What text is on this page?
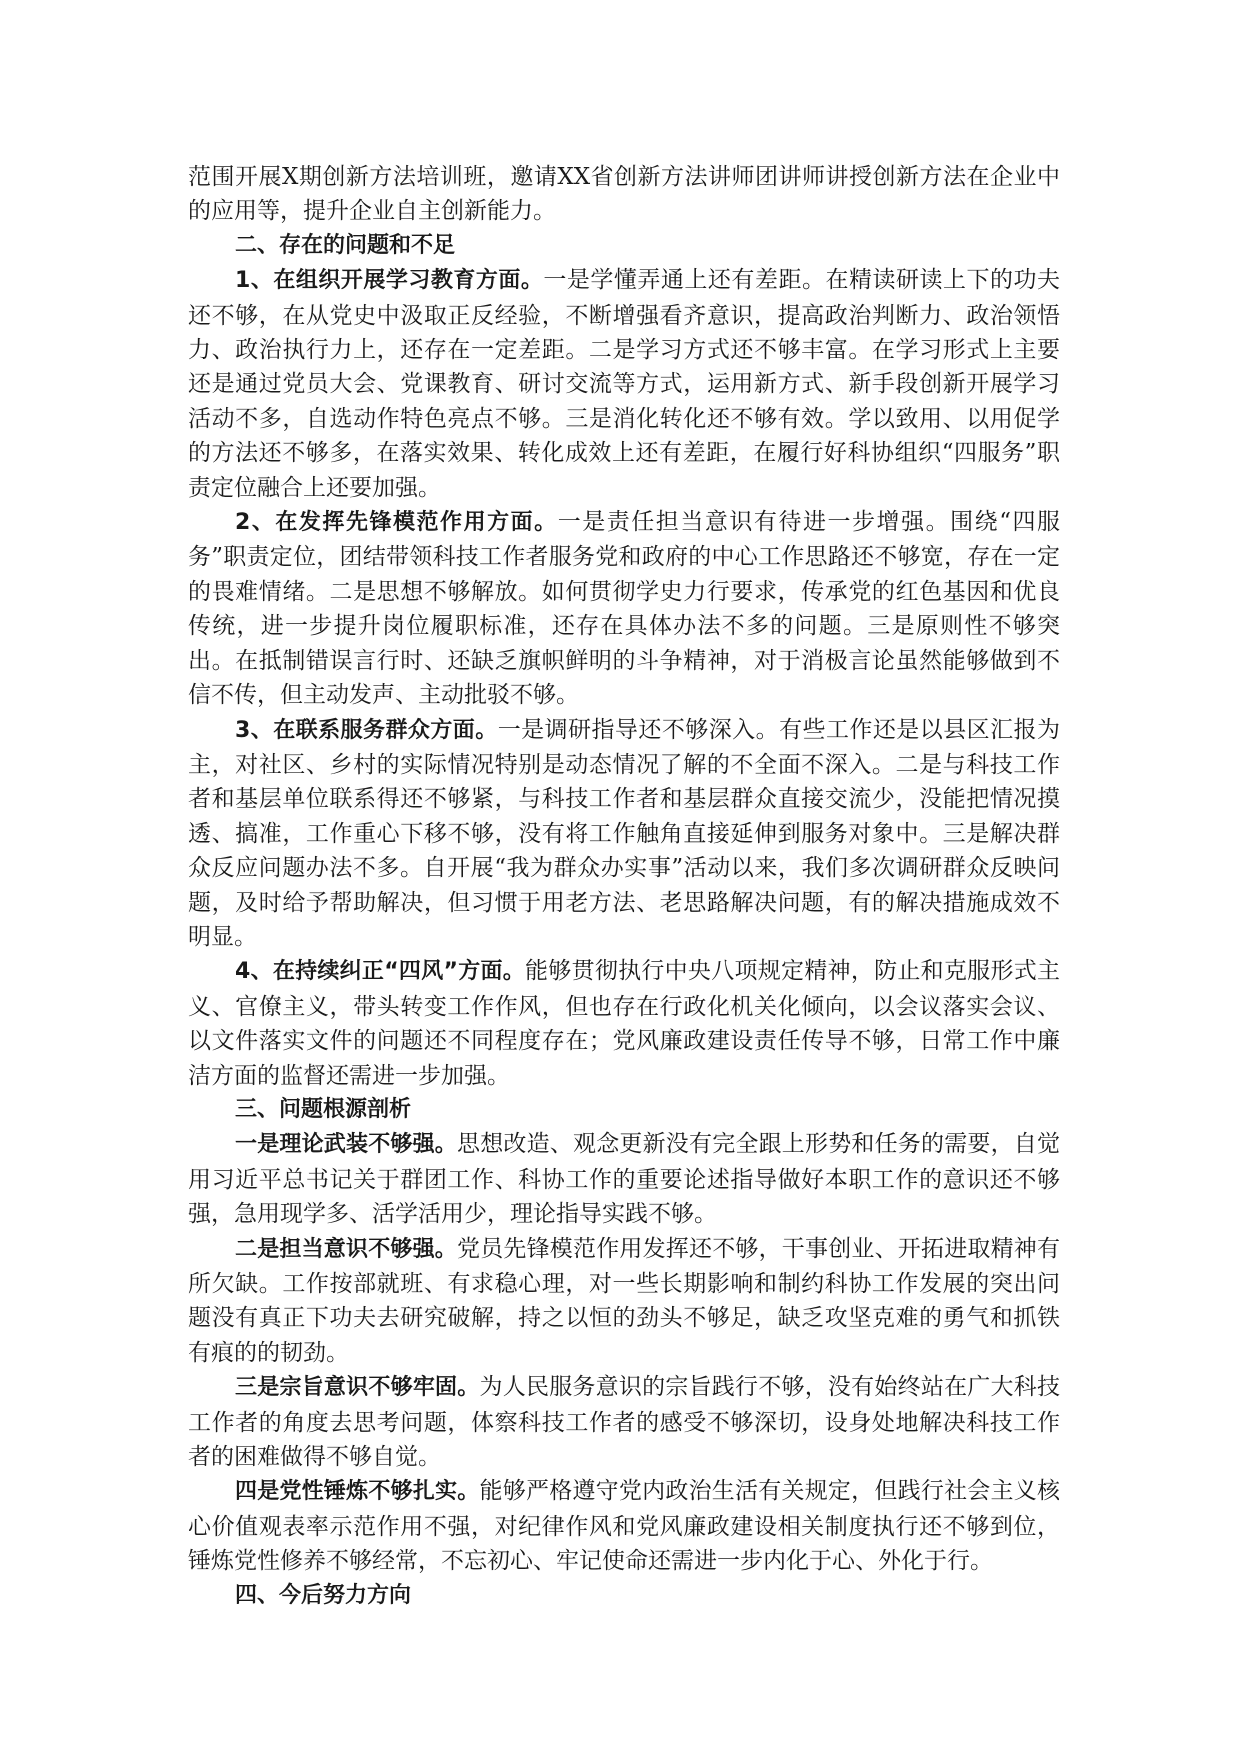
范围开展X期创新方法培训班，邀请XX省创新方法讲师团讲师讲授创新方法在企业中的应用等，提升企业自主创新能力。

二、存在的问题和不足

1、在组织开展学习教育方面。一是学懂弄通上还有差距。在精读研读上下的功夫还不够，在从党史中汲取正反经验，不断增强看齐意识，提高政治判断力、政治领悟力、政治执行力上，还存在一定差距。二是学习方式还不够丰富。在学习形式上主要还是通过党员大会、党课教育、研讨交流等方式，运用新方式、新手段创新开展学习活动不多，自选动作特色亮点不够。三是消化转化还不够有效。学以致用、以用促学的方法还不够多，在落实效果、转化成效上还有差距，在履行好科协组织“四服务”职责定位融合上还要加强。

2、在发挥先锋模范作用方面。一是责任担当意识有待进一步增强。围绕“四服务”职责定位，团结带领科技工作者服务党和政府的中心工作思路还不够宽，存在一定的畏难情绪。二是思想不够解放。如何贯彻学史力行要求，传承党的红色基因和优良传统，进一步提升岗位履职标准，还存在具体办法不多的问题。三是原则性不够突出。在抵制错误言行时、还缺乏旗帜鲜明的斗争精神，对于消极言论虽然能够做到不信不传，但主动发声、主动批驳不够。

3、在联系服务群众方面。一是调研指导还不够深入。有些工作还是以县区汇报为主，对社区、乡村的实际情况特别是动态情况了解的不全面不深入。二是与科技工作者和基层单位联系得还不够紧，与科技工作者和基层群众直接交流少，没能把情况摸透、搞准，工作重心下移不够，没有将工作触角直接延伸到服务对象中。三是解决群众反应问题办法不多。自开展“我为群众办实事”活动以来，我们多次调研群众反映问题，及时给予帮助解决，但习惯于用老方法、老思路解决问题，有的解决措施成效不明显。

4、在持续纠正“四风”方面。能够贯彻执行中央八项规定精神，防止和克服形式主义、官僚主义，带头转变工作作风，但也存在行政化机关化倾向，以会议落实会议、以文件落实文件的问题还不同程度存在；党风廉政建设责任传导不够，日常工作中廉洁方面的监督还需进一步加强。

三、问题根源剖析

一是理论武装不够强。思想改造、观念更新没有完全跟上形势和任务的需要，自觉用习近平总书记关于群团工作、科协工作的重要论述指导做好本职工作的意识还不够强，急用现学多、活学活用少，理论指导实践不够。

二是担当意识不够强。党员先锋模范作用发挥还不够，干事创业、开拓进取精神有所欠缺。工作按部就班、有求稳心理，对一些长期影响和制约科协工作发展的突出问题没有真正下功夫去研究破解，持之以恒的劲头不够足，缺乏攻坚克难的勇气和抓铁有痕的的韧劲。

三是宗旨意识不够牢固。为人民服务意识的宗旨践行不够，没有始终站在广大科技工作者的角度去思考问题，体察科技工作者的感受不够深切，设身处地解决科技工作者的困难做得不够自觉。

四是党性锤炼不够扎实。能够严格遵守党内政治生活有关规定，但践行社会主义核心价值观表率示范作用不强，对纪律作风和党风廉政建设相关制度执行还不够到位，锤炼党性修养不够经常，不忘初心、牢记使命还需进一步内化于心、外化于行。

四、今后努力方向
